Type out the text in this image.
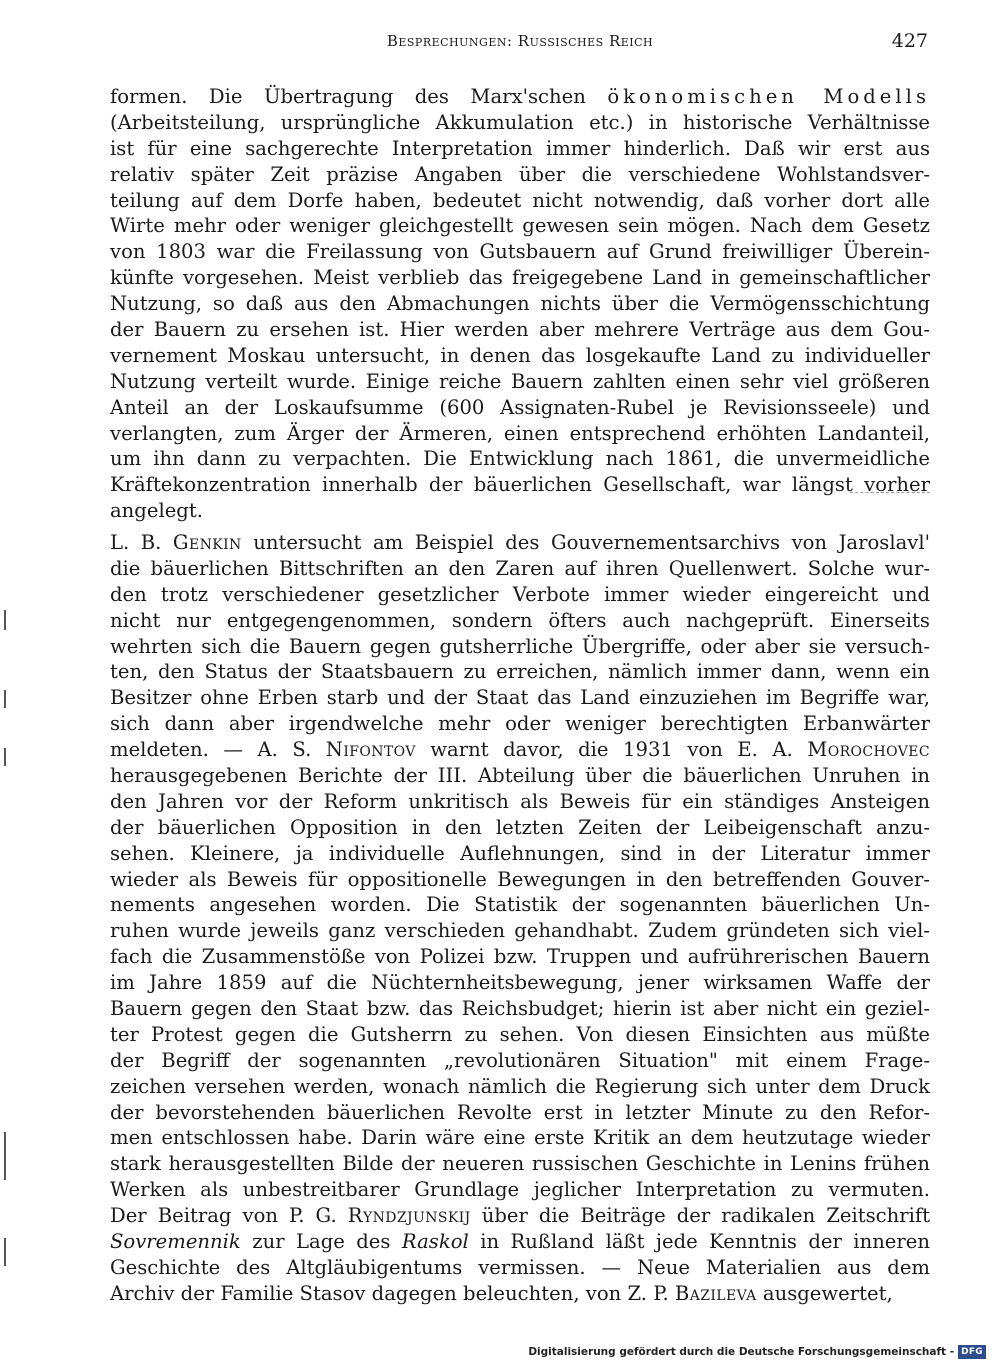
Besprechungen: Russisches Reich	427
formen. Die Übertragung des Marx'schen ökonomischen Modells
(Arbeitsteilung, ursprüngliche Akkumulation etc.) in historische Verhältnisse
ist für eine sachgerechte Interpretation immer hinderlich. Daß wir erst aus
relativ später Zeit präzise Angaben über die verschiedene Wohlstandsver-
teilung auf dem Dorfe haben, bedeutet nicht notwendig, daß vorher dort alle
Wirte mehr oder weniger gleichgestellt gewesen sein mögen. Nach dem Gesetz
von 1803 war die Freilassung von Gutsbauern auf Grund freiwilliger Überein-
künfte vorgesehen. Meist verblieb das freigegebene Land in gemeinschaftlicher
Nutzung, so daß aus den Abmachungen nichts über die Vermögensschichtung
der Bauern zu ersehen ist. Hier werden aber mehrere Verträge aus dem Gou-
vernement Moskau untersucht, in denen das losgekaufte Land zu individueller
Nutzung verteilt wurde. Einige reiche Bauern zahlten einen sehr viel größeren
Anteil an der Loskaufsumme (600 Assignaten-Rubel je Revisionsseele) und
verlangten, zum Ärger der Ärmeren, einen entsprechend erhöhten Landanteil,
um ihn dann zu verpachten. Die Entwicklung nach 1861, die unvermeidliche
Kräftekonzentration innerhalb der bäuerlichen Gesellschaft, war längst vorher
angelegt.
L. B. Genkin untersucht am Beispiel des Gouvernementsarchivs von Jaroslavl'
die bäuerlichen Bittschriften an den Zaren auf ihren Quellenwert. Solche wur-
den trotz verschiedener gesetzlicher Verbote immer wieder eingereicht und
nicht nur entgegengenommen, sondern öfters auch nachgeprüft. Einerseits
wehrten sich die Bauern gegen gutsherrliche Übergriffe, oder aber sie versuch-
ten, den Status der Staatsbauern zu erreichen, nämlich immer dann, wenn ein
Besitzer ohne Erben starb und der Staat das Land einzuziehen im Begriffe war,
sich dann aber irgendwelche mehr oder weniger berechtigten Erbanwärter
meldeten. — A. S. Nifontov warnt davor, die 1931 von E. A. Morochovec
herausgegebenen Berichte der III. Abteilung über die bäuerlichen Unruhen in
den Jahren vor der Reform unkritisch als Beweis für ein ständiges Ansteigen
der bäuerlichen Opposition in den letzten Zeiten der Leibeigenschaft anzu-
sehen. Kleinere, ja individuelle Auflehnungen, sind in der Literatur immer
wieder als Beweis für oppositionelle Bewegungen in den betreffenden Gouver-
nements angesehen worden. Die Statistik der sogenannten bäuerlichen Un-
ruhen wurde jeweils ganz verschieden gehandhabt. Zudem gründeten sich viel-
fach die Zusammenstöße von Polizei bzw. Truppen und aufrührerischen Bauern
im Jahre 1859 auf die Nüchternheitsbewegung, jener wirksamen Waffe der
Bauern gegen den Staat bzw. das Reichsbudget; hierin ist aber nicht ein geziel-
ter Protest gegen die Gutsherrn zu sehen. Von diesen Einsichten aus müßte
der Begriff der sogenannten „revolutionären Situation" mit einem Frage-
zeichen versehen werden, wonach nämlich die Regierung sich unter dem Druck
der bevorstehenden bäuerlichen Revolte erst in letzter Minute zu den Refor-
men entschlossen habe. Darin wäre eine erste Kritik an dem heutzutage wieder
stark herausgestellten Bilde der neueren russischen Geschichte in Lenins frühen
Werken als unbestreitbarer Grundlage jeglicher Interpretation zu vermuten.
Der Beitrag von P. G. Ryndzjunskij über die Beiträge der radikalen Zeitschrift
Sovremennik zur Lage des Raskol in Rußland läßt jede Kenntnis der inneren
Geschichte des Altgläubigentums vermissen. — Neue Materialien aus dem
Archiv der Familie Stasov dagegen beleuchten, von Z. P. Bazileva ausgewertet,
Digitalisierung gefördert durch die Deutsche Forschungsgemeinschaft - DFG
